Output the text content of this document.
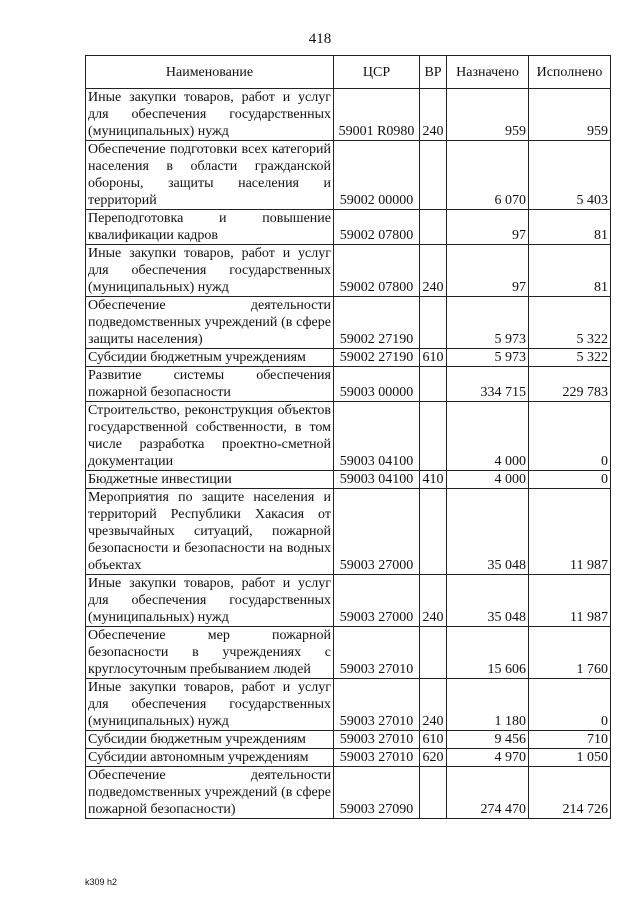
418
Наименование	ЦСР	ВР	Назначено	Исполнено
Иные закупки товаров, работ и услуг для обеспечения государственных (муниципальных) нужд	59001 R0980	240	959	959
Обеспечение подготовки всех категорий населения в области гражданской обороны, защиты населения и территорий	59002 00000		6 070	5 403
Переподготовка и повышение квалификации кадров	59002 07800		97	81
Иные закупки товаров, работ и услуг для обеспечения государственных (муниципальных) нужд	59002 07800	240	97	81
Обеспечение деятельности подведомственных учреждений (в сфере защиты населения)	59002 27190		5 973	5 322
Субсидии бюджетным учреждениям	59002 27190	610	5 973	5 322
Развитие системы обеспечения пожарной безопасности	59003 00000		334 715	229 783
Строительство, реконструкция объектов государственной собственности, в том числе разработка проектно-сметной документации	59003 04100		4 000	0
Бюджетные инвестиции	59003 04100	410	4 000	0
Мероприятия по защите населения и территорий Республики Хакасия от чрезвычайных ситуаций, пожарной безопасности и безопасности на водных объектах	59003 27000		35 048	11 987
Иные закупки товаров, работ и услуг для обеспечения государственных (муниципальных) нужд	59003 27000	240	35 048	11 987
Обеспечение мер пожарной безопасности в учреждениях с круглосуточным пребыванием людей	59003 27010		15 606	1 760
Иные закупки товаров, работ и услуг для обеспечения государственных (муниципальных) нужд	59003 27010	240	1 180	0
Субсидии бюджетным учреждениям	59003 27010	610	9 456	710
Субсидии автономным учреждениям	59003 27010	620	4 970	1 050
Обеспечение деятельности подведомственных учреждений (в сфере пожарной безопасности)	59003 27090		274 470	214 726
k309 h2
